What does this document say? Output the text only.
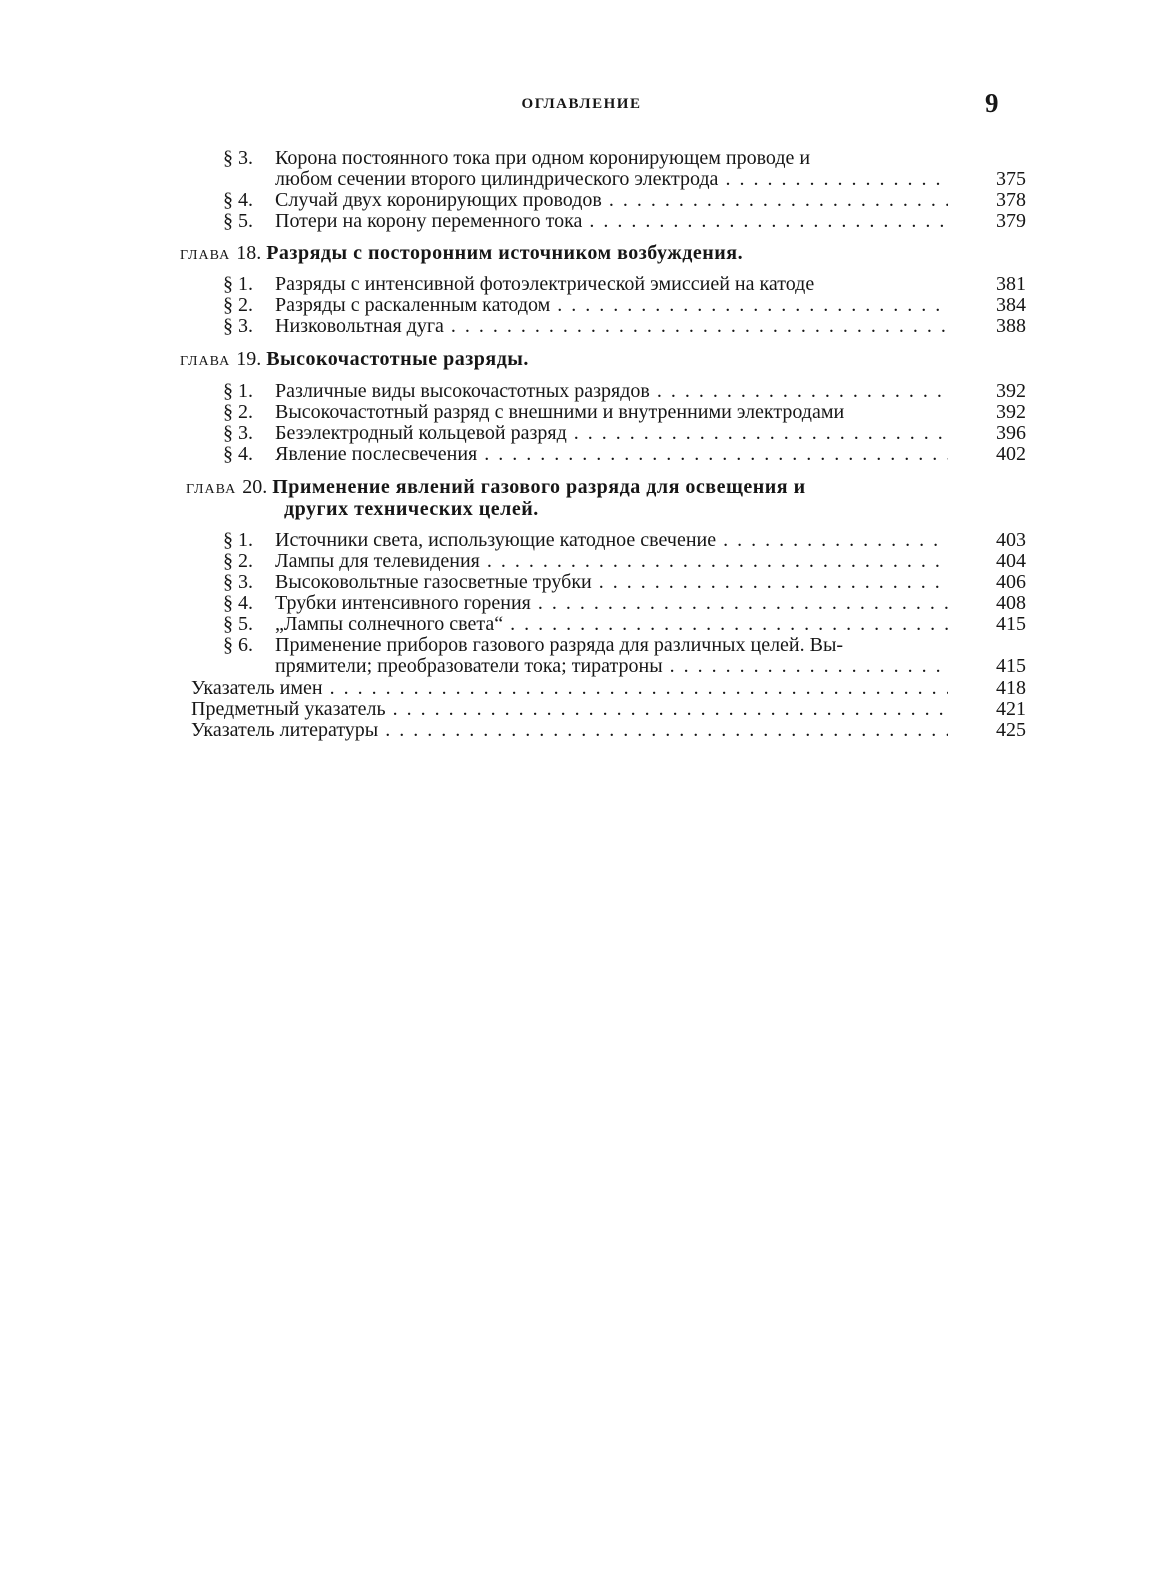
ОГЛАВЛЕНИЕ	9
§ 3. Корона постоянного тока при одном коронирующем проводе и
любом сечении второго цилиндрического электрода . . .	375
§ 4. Случай двух коронирующих проводов . . .	378
§ 5. Потери на корону переменного тока . . .	379
ГЛАВА 18. Разряды с посторонним источником возбуждения.
§ 1. Разряды с интенсивной фотоэлектрической эмиссией на катоде	381
§ 2. Разряды с раскаленным катодом . . .	384
§ 3. Низковольтная дуга . . .	388
ГЛАВА 19. Высокочастотные разряды.
§ 1. Различные виды высокочастотных разрядов . . .	392
§ 2. Высокочастотный разряд с внешними и внутренними электродами	392
§ 3. Безэлектродный кольцевой разряд . . .	396
§ 4. Явление послесвечения . . .	402
ГЛАВА 20. Применение явлений газового разряда для освещения и
других технических целей.
§ 1. Источники света, использующие катодное свечение . . .	403
§ 2. Лампы для телевидения . . .	404
§ 3. Высоковольтные газосветные трубки . . .	406
§ 4. Трубки интенсивного горения . . .	408
§ 5. „Лампы солнечного света“ . . .	415
§ 6. Применение приборов газового разряда для различных целей. Вы-
прямители; преобразователи тока; тиратроны . . .	415
Указатель имен . . .	418
Предметный указатель . . .	421
Указатель литературы . . .	425
